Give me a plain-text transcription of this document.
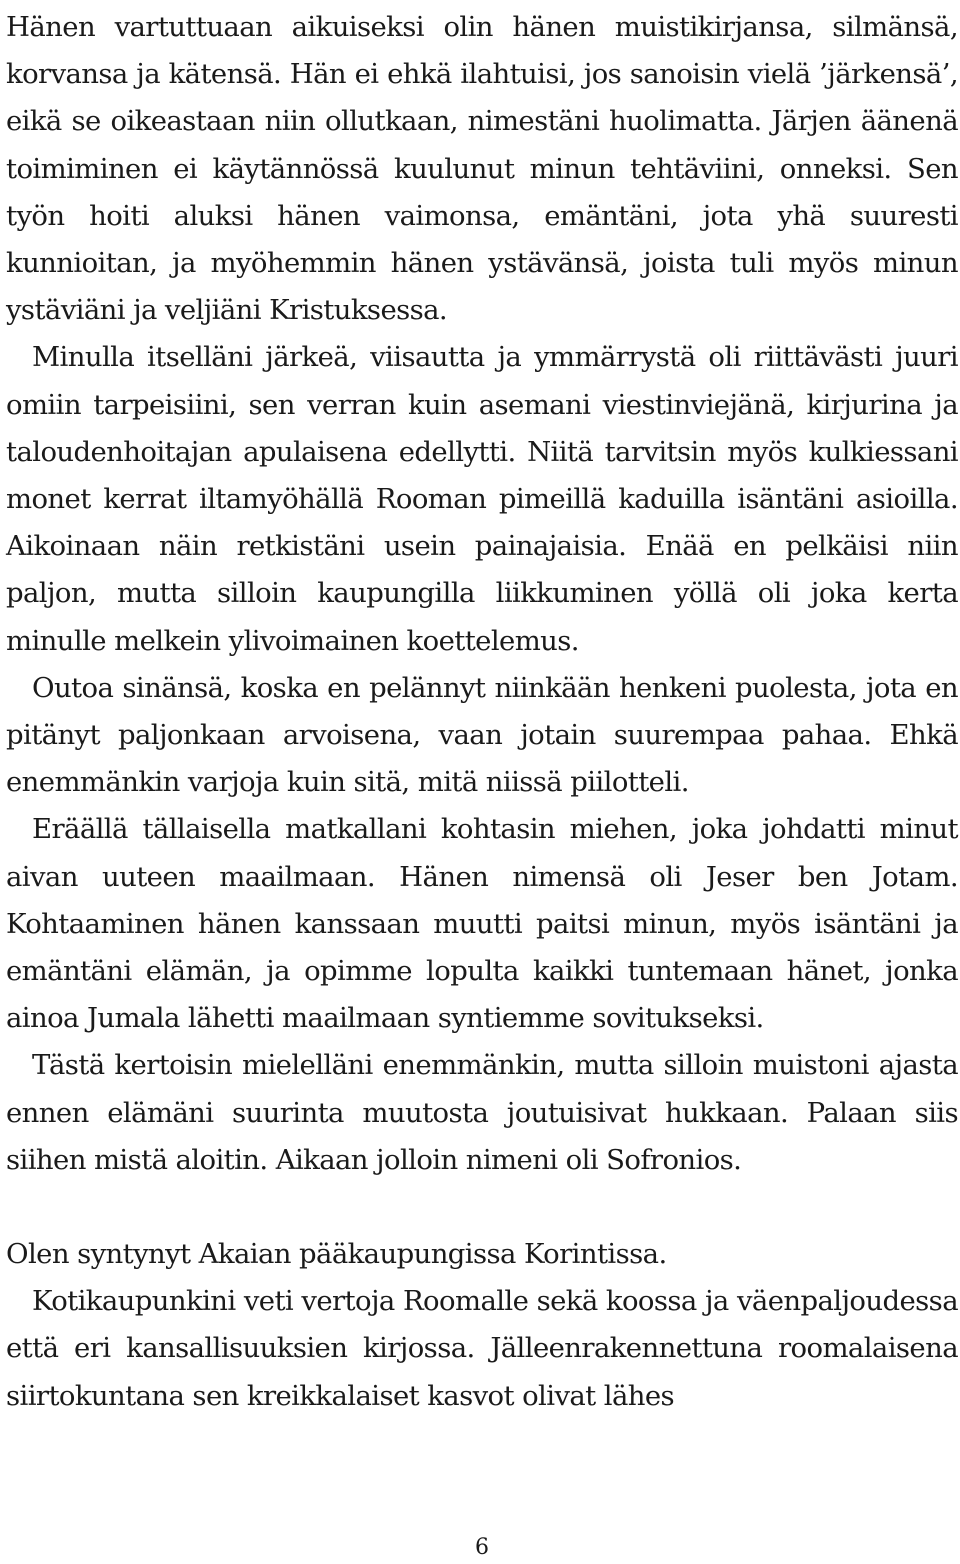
Hänen vartuttuaan aikuiseksi olin hänen muistikirjansa, silmänsä, korvansa ja kätensä. Hän ei ehkä ilahtuisi, jos sanoisin vielä ’järkensä’, eikä se oikeastaan niin ollutkaan, nimestäni huolimatta. Järjen äänenä toimiminen ei käytännössä kuulunut minun tehtäviini, onneksi. Sen työn hoiti aluksi hänen vaimonsa, emäntäni, jota yhä suuresti kunnioitan, ja myöhemmin hänen ystävänsä, joista tuli myös minun ystäviäni ja veljiäni Kristuksessa.

Minulla itselläni järkeä, viisautta ja ymmärrystä oli riittävästi juuri omiin tarpeisiini, sen verran kuin asemani viestinviejänä, kirjurina ja taloudenhoitajan apulaisena edellytti. Niitä tarvitsin myös kulkiessani monet kerrat iltamyöhällä Rooman pimeillä kaduilla isäntäni asioilla. Aikoinaan näin retkistäni usein painajaisia. Enää en pelkäisi niin paljon, mutta silloin kaupungilla liikkuminen yöllä oli joka kerta minulle melkein ylivoimainen koettelemus.

Outoa sinänsä, koska en pelännyt niinkään henkeni puolesta, jota en pitänyt paljonkaan arvoisena, vaan jotain suurempaa pahaa. Ehkä enemmänkin varjoja kuin sitä, mitä niissä piilotteli.

Eräällä tällaisella matkallani kohtasin miehen, joka johdatti minut aivan uuteen maailmaan. Hänen nimensä oli Jeser ben Jotam. Kohtaaminen hänen kanssaan muutti paitsi minun, myös isäntäni ja emäntäni elämän, ja opimme lopulta kaikki tuntemaan hänet, jonka ainoa Jumala lähetti maailmaan syntiemme sovitukseksi.

Tästä kertoisin mielelläni enemmänkin, mutta silloin muistoni ajasta ennen elämäni suurinta muutosta joutuisivat hukkaan. Palaan siis siihen mistä aloitin. Aikaan jolloin nimeni oli Sofronios.

Olen syntynyt Akaian pääkaupungissa Korintissa.

Kotikaupunkini veti vertoja Roomalle sekä koossa ja väenpaljoudessa että eri kansallisuuksien kirjossa. Jälleenrakennettuna roomalaisena siirtokuntana sen kreikkalaiset kasvot olivat lähes

6
